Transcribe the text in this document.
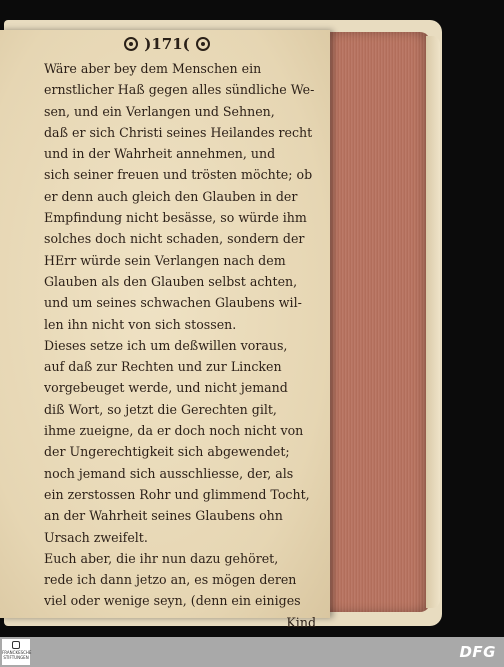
)171(
Wäre aber bey dem Menschen ein
ernstlicher Haß gegen alles sündliche We-
sen, und ein Verlangen und Sehnen,
daß er sich Christi seines Heilandes recht
und in der Wahrheit annehmen, und
sich seiner freuen und trösten möchte; ob
er denn auch gleich den Glauben in der
Empfindung nicht besässe, so würde ihm
solches doch nicht schaden, sondern der
HErr würde sein Verlangen nach dem
Glauben als den Glauben selbst achten,
und um seines schwachen Glaubens wil-
len ihn nicht von sich stossen.
Dieses setze ich um deßwillen voraus,
auf daß zur Rechten und zur Lincken
vorgebeuget werde, und nicht jemand
diß Wort, so jetzt die Gerechten gilt,
ihme zueigne, da er doch noch nicht von
der Ungerechtigkeit sich abgewendet;
noch jemand sich ausschliesse, der, als
ein zerstossen Rohr und glimmend Tocht,
an der Wahrheit seines Glaubens ohn
Ursach zweifelt.
Euch aber, die ihr nun dazu gehöret,
rede ich dann jetzo an, es mögen deren
viel oder wenige seyn, (denn ein einiges
Kind
FRANCKESCHE STIFTUNGEN	DFG
